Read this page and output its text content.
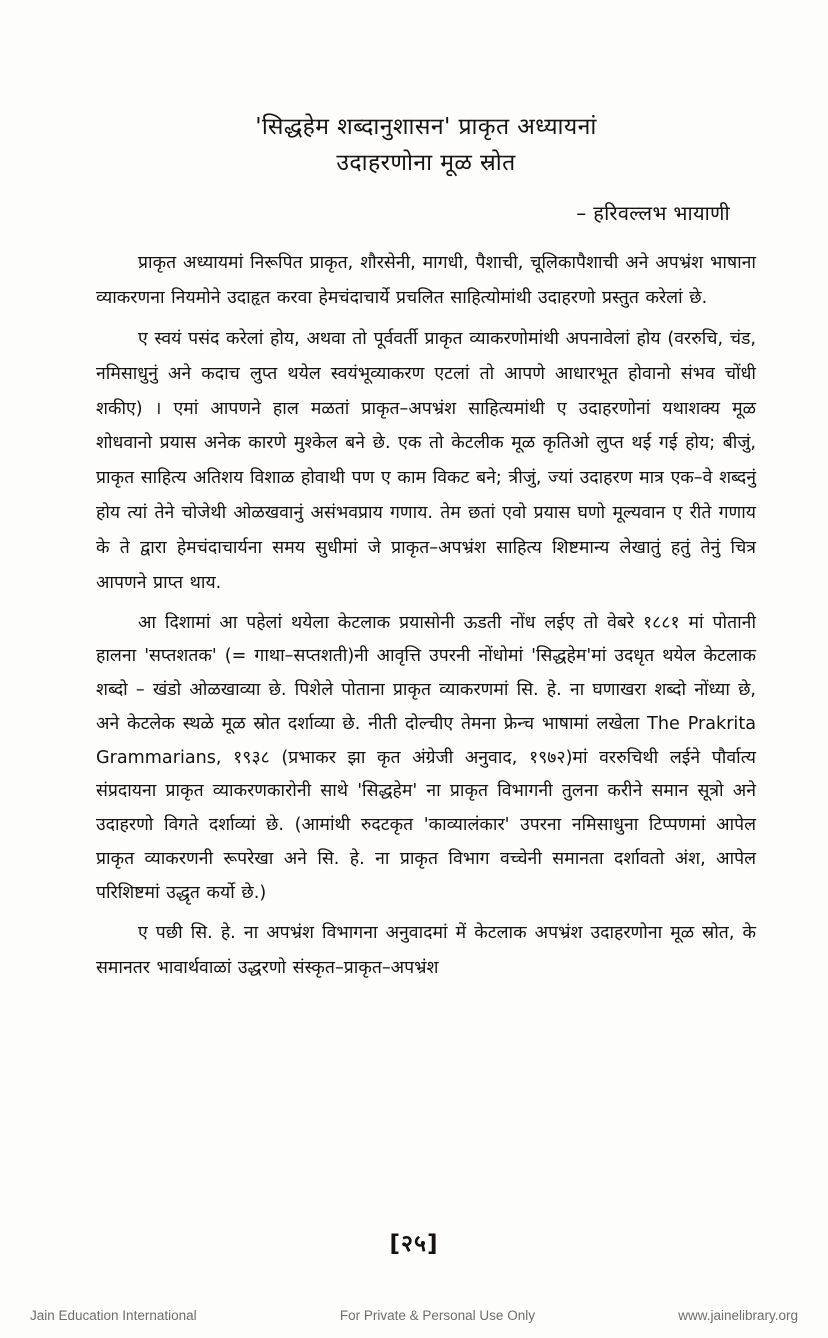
'सिद्धहेम शब्दानुशासन' प्राकृत अध्यायनां
उदाहरणोना मूळ स्रोत
– हरिवल्लभ भायाणी

प्राकृत अध्यायमां निरूपित प्राकृत, शौरसेनी, मागधी, पैशाची, चूलिकापैशाची अने अपभ्रंश भाषाना व्याकरणना नियमोने उदाहृत करवा हेमचंदाचार्ये प्रचलित साहित्योमांथी उदाहरणो प्रस्तुत करेलां छे.

ए स्वयं पसंद करेलां होय, अथवा तो पूर्ववर्ती प्राकृत व्याकरणोमांथी अपनावेलां होय (वररुचि, चंड, नमिसाधुनुं अने कदाच लुप्त थयेल स्वयंभूव्याकरण एटलां तो आपणे आधारभूत होवानो संभव चोंधी शकीए) । एमां आपणने हाल मळतां प्राकृत–अपभ्रंश साहित्यमांथी ए उदाहरणोनां यथाशक्य मूळ शोधवानो प्रयास अनेक कारणे मुश्केल बने छे. एक तो केटलीक मूळ कृतिओ लुप्त थई गई होय; बीजुं, प्राकृत साहित्य अतिशय विशाळ होवाथी पण ए काम विकट बने; त्रीजुं, ज्यां उदाहरण मात्र एक–वे शब्दनुं होय त्यां तेने चोजेथी ओळखवानुं असंभवप्राय गणाय. तेम छतां एवो प्रयास घणो मूल्यवान ए रीते गणाय के ते द्वारा हेमचंदाचार्यना समय सुधीमां जे प्राकृत–अपभ्रंश साहित्य शिष्टमान्य लेखातुं हतुं तेनुं चित्र आपणने प्राप्त थाय.

आ दिशामां आ पहेलां थयेला केटलाक प्रयासोनी ऊडती नोंध लईए तो वेबरे १८८१ मां पोतानी हालना 'सप्तशतक' (= गाथा–सप्तशती)नी आवृत्ति उपरनी नोंधोमां 'सिद्धहेम'मां उदधृत थयेल केटलाक शब्दो – खंडो ओळखाव्या छे. पिशेले पोताना प्राकृत व्याकरणमां सि. हे. ना घणाखरा शब्दो नोंध्या छे, अने केटलेक स्थळे मूळ स्रोत दर्शाव्या छे. नीती दोल्चीए तेमना फ्रेन्च भाषामां लखेला The Prakrita Grammarians, १९३८ (प्रभाकर झा कृत अंग्रेजी अनुवाद, १९७२)मां वररुचिथी लईने पौर्वात्य संप्रदायना प्राकृत व्याकरणकारोनी साथे 'सिद्धहेम' ना प्राकृत विभागनी तुलना करीने समान सूत्रो अने उदाहरणो विगते दर्शाव्यां छे. (आमांथी रुदटकृत 'काव्यालंकार' उपरना नमिसाधुना टिप्पणमां आपेल प्राकृत व्याकरणनी रूपरेखा अने सि. हे. ना प्राकृत विभाग वच्चेनी समानता दर्शावतो अंश, आपेल परिशिष्टमां उद्धृत कर्यो छे.)

ए पछी सि. हे. ना अपभ्रंश विभागना अनुवादमां में केटलाक अपभ्रंश उदाहरणोना मूळ स्रोत, के समानतर भावार्थवाळां उद्धरणो संस्कृत–प्राकृत–अपभ्रंश

[२५]
Jain Education International	For Private & Personal Use Only	www.jainelibrary.org
